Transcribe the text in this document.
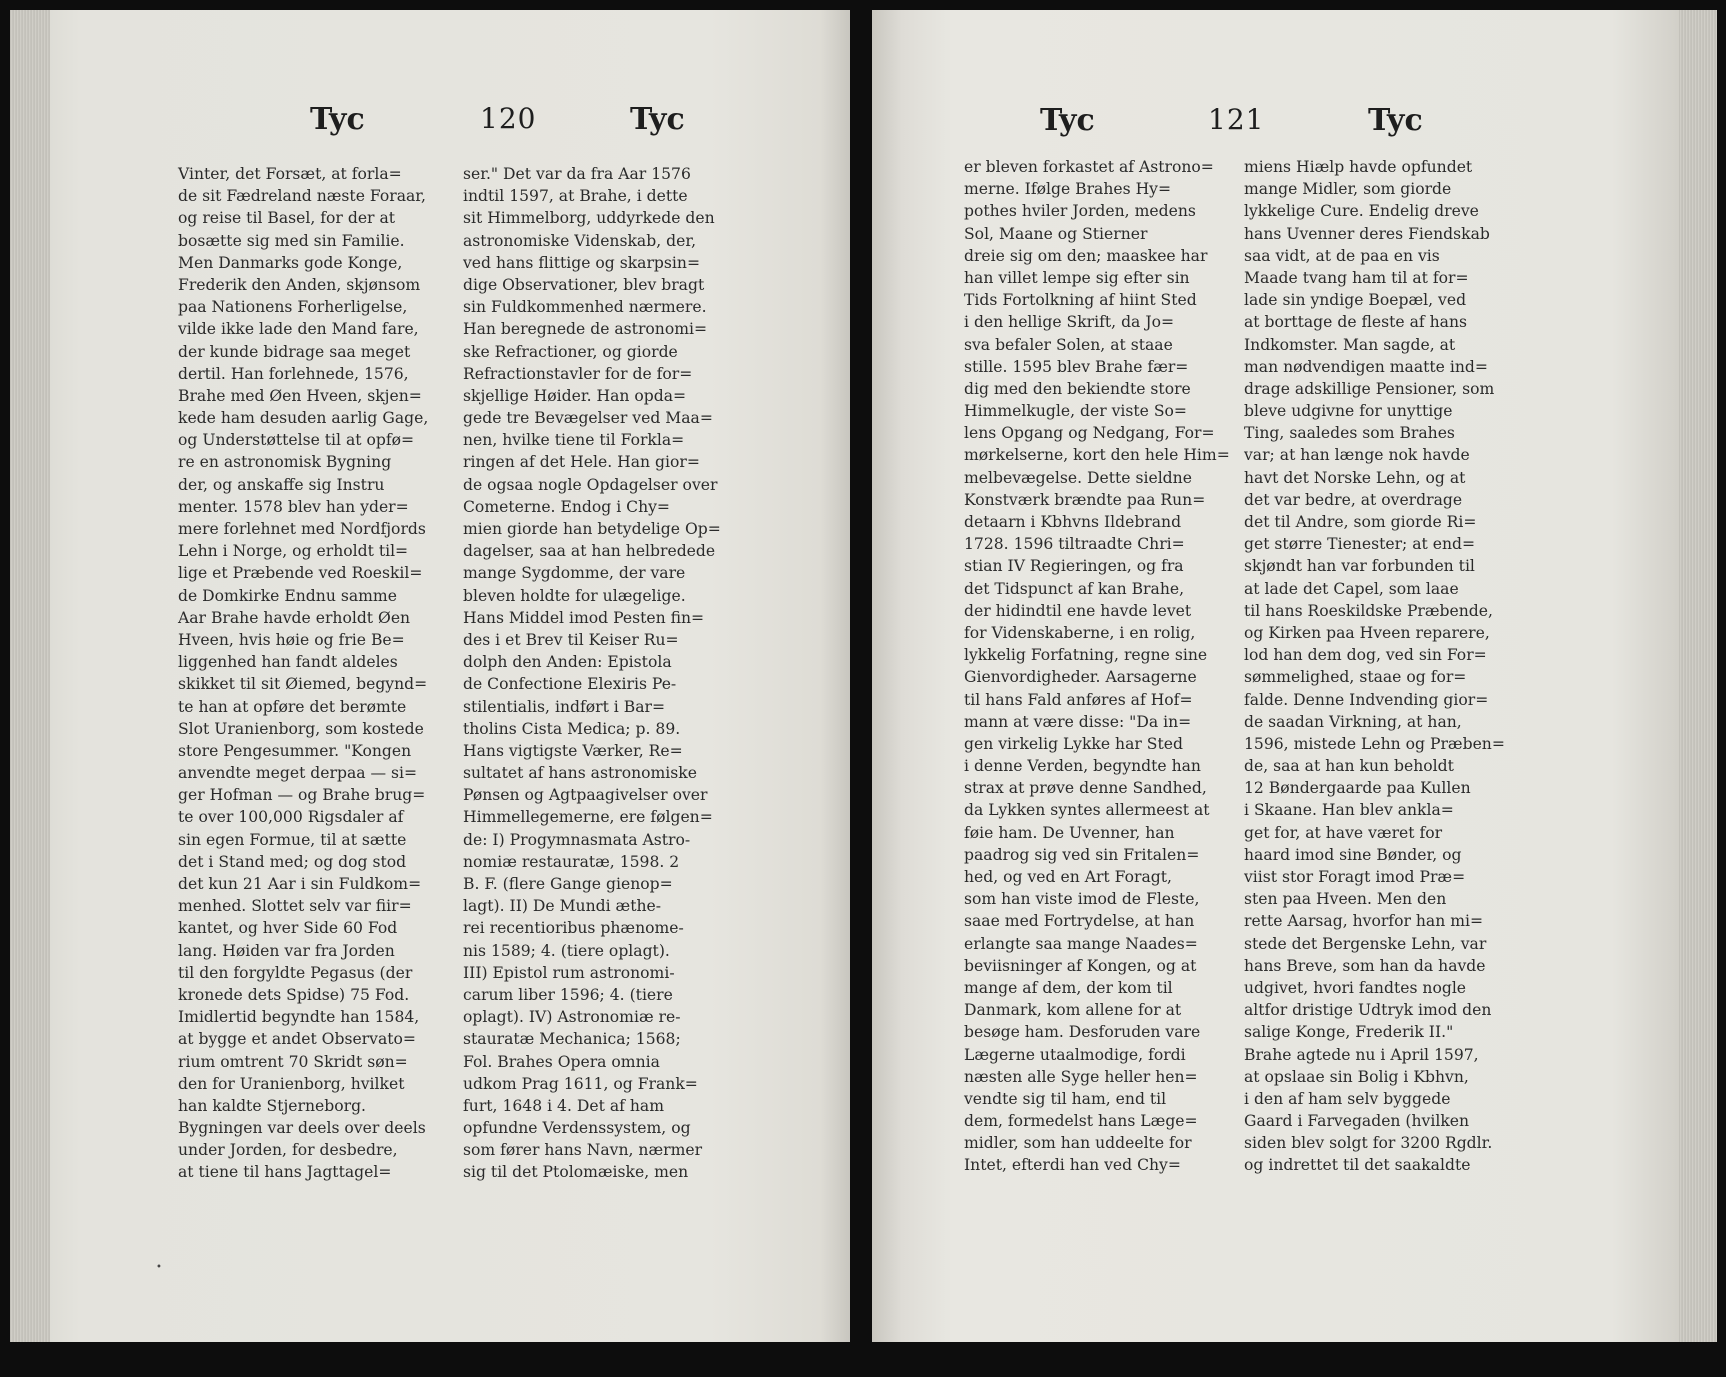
Tyc	120	Tyc
Vinter, det Forsæt, at forla=
de sit Fædreland næste Foraar,
og reise til Basel, for der at
bosætte sig med sin Familie.
Men Danmarks gode Konge,
Frederik den Anden, skjønsom
paa Nationens Forherligelse,
vilde ikke lade den Mand fare,
der kunde bidrage saa meget
dertil. Han forlehnede, 1576,
Brahe med Øen Hveen, skjen=
kede ham desuden aarlig Gage,
og Understøttelse til at opfø=
re en astronomisk Bygning
der, og anskaffe sig Instru
menter. 1578 blev han yder=
mere forlehnet med Nordfjords
Lehn i Norge, og erholdt til=
lige et Præbende ved Roeskil=
de Domkirke Endnu samme
Aar Brahe havde erholdt Øen
Hveen, hvis høie og frie Be=
liggenhed han fandt aldeles
skikket til sit Øiemed, begynd=
te han at opføre det berømte
Slot Uranienborg, som kostede
store Pengesummer. "Kongen
anvendte meget derpaa — si=
ger Hofman — og Brahe brug=
te over 100,000 Rigsdaler af
sin egen Formue, til at sætte
det i Stand med; og dog stod
det kun 21 Aar i sin Fuldkom=
menhed. Slottet selv var fiir=
kantet, og hver Side 60 Fod
lang. Høiden var fra Jorden
til den forgyldte Pegasus (der
kronede dets Spidse) 75 Fod.
Imidlertid begyndte han 1584,
at bygge et andet Observato=
rium omtrent 70 Skridt søn=
den for Uranienborg, hvilket
han kaldte Stjerneborg.
Bygningen var deels over deels
under Jorden, for desbedre,
at tiene til hans Jagttagel=
ser." Det var da fra Aar 1576
indtil 1597, at Brahe, i dette
sit Himmelborg, uddyrkede den
astronomiske Videnskab, der,
ved hans flittige og skarpsin=
dige Observationer, blev bragt
sin Fuldkommenhed nærmere.
Han beregnede de astronomi=
ske Refractioner, og giorde
Refractionstavler for de for=
skjellige Høider. Han opda=
gede tre Bevægelser ved Maa=
nen, hvilke tiene til Forkla=
ringen af det Hele. Han gior=
de ogsaa nogle Opdagelser over
Cometerne. Endog i Chy=
mien giorde han betydelige Op=
dagelser, saa at han helbredede
mange Sygdomme, der vare
bleven holdte for ulægelige.
Hans Middel imod Pesten fin=
des i et Brev til Keiser Ru=
dolph den Anden: Epistola
de Confectione Elexiris Pe-
stilentialis, indført i Bar=
tholins Cista Medica; p. 89.
Hans vigtigste Værker, Re=
sultatet af hans astronomiske
Pønsen og Agtpaagivelser over
Himmellegemerne, ere følgen=
de: I) Progymnasmata Astro-
nomiæ restauratæ, 1598. 2
B. F. (flere Gange gienop=
lagt). II) De Mundi æthe-
rei recentioribus phænome-
nis 1589; 4. (tiere oplagt).
III) Epistol rum astronomi-
carum liber 1596; 4. (tiere
oplagt). IV) Astronomiæ re-
stauratæ Mechanica; 1568;
Fol. Brahes Opera omnia
udkom Prag 1611, og Frank=
furt, 1648 i 4. Det af ham
opfundne Verdenssystem, og
som fører hans Navn, nærmer
sig til det Ptolomæiske, men
•
Tyc	121	Tyc
er bleven forkastet af Astrono=
merne. Ifølge Brahes Hy=
pothes hviler Jorden, medens
Sol, Maane og Stierner
dreie sig om den; maaskee har
han villet lempe sig efter sin
Tids Fortolkning af hiint Sted
i den hellige Skrift, da Jo=
sva befaler Solen, at staae
stille. 1595 blev Brahe fær=
dig med den bekiendte store
Himmelkugle, der viste So=
lens Opgang og Nedgang, For=
mørkelserne, kort den hele Him=
melbevægelse. Dette sieldne
Konstværk brændte paa Run=
detaarn i Kbhvns Ildebrand
1728. 1596 tiltraadte Chri=
stian IV Regieringen, og fra
det Tidspunct af kan Brahe,
der hidindtil ene havde levet
for Videnskaberne, i en rolig,
lykkelig Forfatning, regne sine
Gienvordigheder. Aarsagerne
til hans Fald anføres af Hof=
mann at være disse: "Da in=
gen virkelig Lykke har Sted
i denne Verden, begyndte han
strax at prøve denne Sandhed,
da Lykken syntes allermeest at
føie ham. De Uvenner, han
paadrog sig ved sin Fritalen=
hed, og ved en Art Foragt,
som han viste imod de Fleste,
saae med Fortrydelse, at han
erlangte saa mange Naades=
beviisninger af Kongen, og at
mange af dem, der kom til
Danmark, kom allene for at
besøge ham. Desforuden vare
Lægerne utaalmodige, fordi
næsten alle Syge heller hen=
vendte sig til ham, end til
dem, formedelst hans Læge=
midler, som han uddeelte for
Intet, efterdi han ved Chy=
miens Hiælp havde opfundet
mange Midler, som giorde
lykkelige Cure. Endelig dreve
hans Uvenner deres Fiendskab
saa vidt, at de paa en vis
Maade tvang ham til at for=
lade sin yndige Boepæl, ved
at borttage de fleste af hans
Indkomster. Man sagde, at
man nødvendigen maatte ind=
drage adskillige Pensioner, som
bleve udgivne for unyttige
Ting, saaledes som Brahes
var; at han længe nok havde
havt det Norske Lehn, og at
det var bedre, at overdrage
det til Andre, som giorde Ri=
get større Tienester; at end=
skjøndt han var forbunden til
at lade det Capel, som laae
til hans Roeskildske Præbende,
og Kirken paa Hveen reparere,
lod han dem dog, ved sin For=
sømmelighed, staae og for=
falde. Denne Indvending gior=
de saadan Virkning, at han,
1596, mistede Lehn og Præben=
de, saa at han kun beholdt
12 Bøndergaarde paa Kullen
i Skaane. Han blev ankla=
get for, at have været for
haard imod sine Bønder, og
viist stor Foragt imod Præ=
sten paa Hveen. Men den
rette Aarsag, hvorfor han mi=
stede det Bergenske Lehn, var
hans Breve, som han da havde
udgivet, hvori fandtes nogle
altfor dristige Udtryk imod den
salige Konge, Frederik II."
Brahe agtede nu i April 1597,
at opslaae sin Bolig i Kbhvn,
i den af ham selv byggede
Gaard i Farvegaden (hvilken
siden blev solgt for 3200 Rgdlr.
og indrettet til det saakaldte
